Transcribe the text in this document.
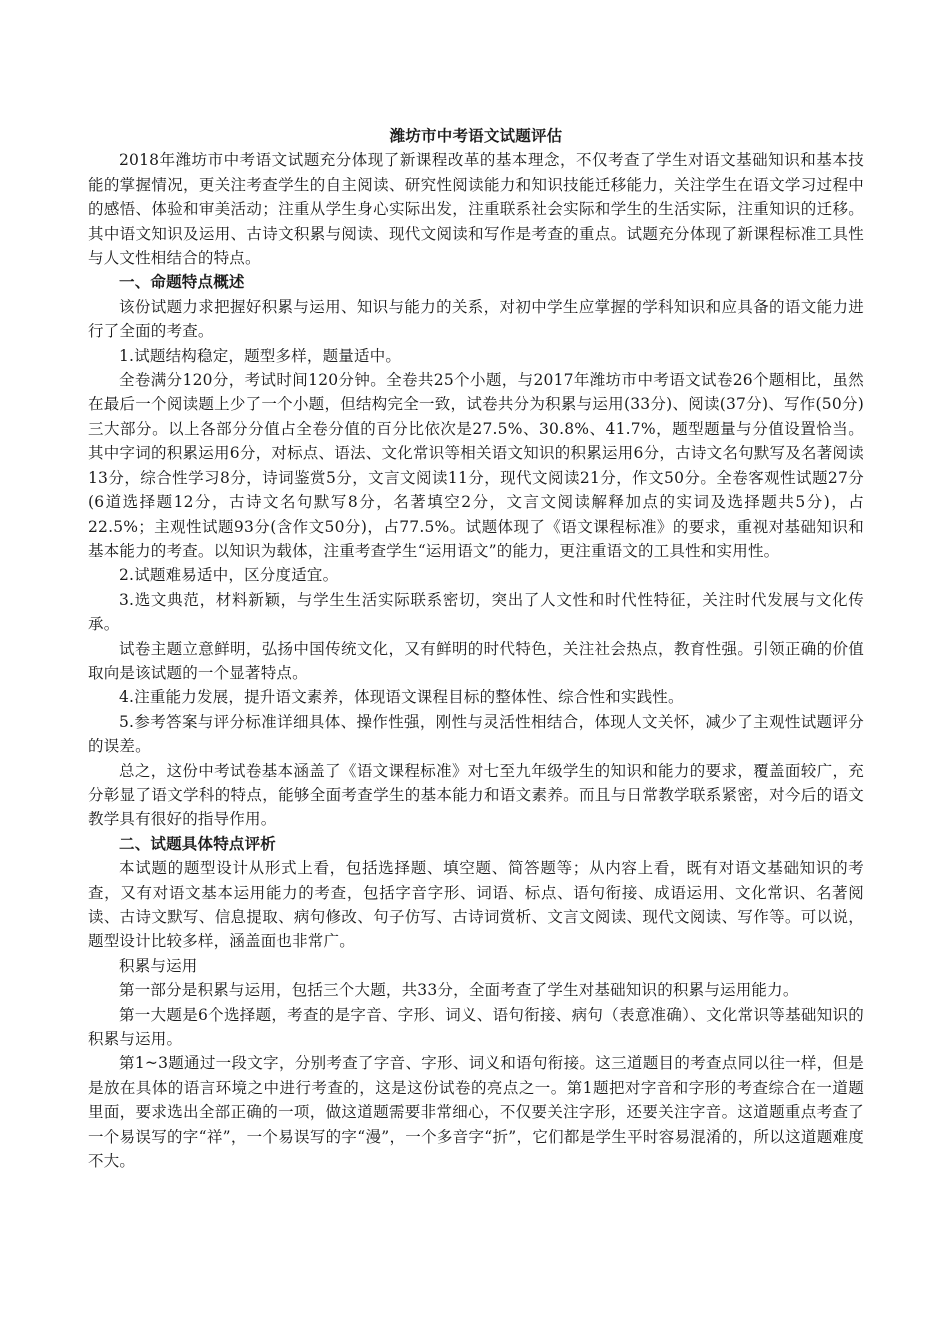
潍坊市中考语文试题评估

2018年潍坊市中考语文试题充分体现了新课程改革的基本理念，不仅考查了学生对语文基础知识和基本技能的掌握情况，更关注考查学生的自主阅读、研究性阅读能力和知识技能迁移能力，关注学生在语文学习过程中的感悟、体验和审美活动；注重从学生身心实际出发，注重联系社会实际和学生的生活实际，注重知识的迁移。其中语文知识及运用、古诗文积累与阅读、现代文阅读和写作是考查的重点。试题充分体现了新课程标准工具性与人文性相结合的特点。

一、命题特点概述

该份试题力求把握好积累与运用、知识与能力的关系，对初中学生应掌握的学科知识和应具备的语文能力进行了全面的考查。

1.试题结构稳定，题型多样，题量适中。

全卷满分120分，考试时间120分钟。全卷共25个小题，与2017年潍坊市中考语文试卷26个题相比，虽然在最后一个阅读题上少了一个小题，但结构完全一致，试卷共分为积累与运用(33分)、阅读(37分)、写作(50分)三大部分。以上各部分分值占全卷分值的百分比依次是27.5%、30.8%、41.7%，题型题量与分值设置恰当。其中字词的积累运用6分，对标点、语法、文化常识等相关语文知识的积累运用6分，古诗文名句默写及名著阅读13分，综合性学习8分，诗词鉴赏5分，文言文阅读11分，现代文阅读21分，作文50分。全卷客观性试题27分(6道选择题12分，古诗文名句默写8分，名著填空2分，文言文阅读解释加点的实词及选择题共5分)，占22.5%；主观性试题93分(含作文50分)，占77.5%。试题体现了《语文课程标准》的要求，重视对基础知识和基本能力的考查。以知识为载体，注重考查学生“运用语文”的能力，更注重语文的工具性和实用性。

2.试题难易适中，区分度适宜。

3.选文典范，材料新颖，与学生生活实际联系密切，突出了人文性和时代性特征，关注时代发展与文化传承。

试卷主题立意鲜明，弘扬中国传统文化，又有鲜明的时代特色，关注社会热点，教育性强。引领正确的价值取向是该试题的一个显著特点。

4.注重能力发展，提升语文素养，体现语文课程目标的整体性、综合性和实践性。

5.参考答案与评分标准详细具体、操作性强，刚性与灵活性相结合，体现人文关怀，减少了主观性试题评分的误差。

总之，这份中考试卷基本涵盖了《语文课程标准》对七至九年级学生的知识和能力的要求，覆盖面较广，充分彰显了语文学科的特点，能够全面考查学生的基本能力和语文素养。而且与日常教学联系紧密，对今后的语文教学具有很好的指导作用。

二、试题具体特点评析

本试题的题型设计从形式上看，包括选择题、填空题、简答题等；从内容上看，既有对语文基础知识的考查，又有对语文基本运用能力的考查，包括字音字形、词语、标点、语句衔接、成语运用、文化常识、名著阅读、古诗文默写、信息提取、病句修改、句子仿写、古诗词赏析、文言文阅读、现代文阅读、写作等。可以说，题型设计比较多样，涵盖面也非常广。

积累与运用

第一部分是积累与运用，包括三个大题，共33分，全面考查了学生对基础知识的积累与运用能力。

第一大题是6个选择题，考查的是字音、字形、词义、语句衔接、病句（表意准确）、文化常识等基础知识的积累与运用。

第1~3题通过一段文字，分别考查了字音、字形、词义和语句衔接。这三道题目的考查点同以往一样，但是是放在具体的语言环境之中进行考查的，这是这份试卷的亮点之一。第1题把对字音和字形的考查综合在一道题里面，要求选出全部正确的一项，做这道题需要非常细心，不仅要关注字形，还要关注字音。这道题重点考查了一个易误写的字“祥”，一个易误写的字“漫”，一个多音字“折”，它们都是学生平时容易混淆的，所以这道题难度不大。
